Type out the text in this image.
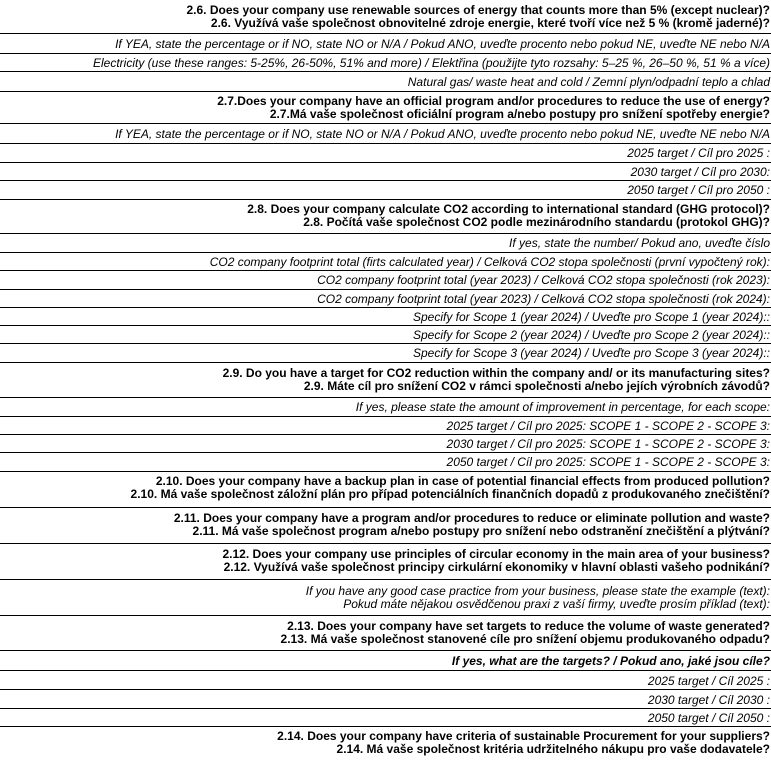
2.6. Does your company use renewable sources of energy that counts more than 5% (except nuclear)?
2.6. Využívá vaše společnost obnovitelné zdroje energie, které tvoří více než 5 % (kromě jaderné)?
If YEA, state the percentage or if NO, state NO or N/A / Pokud ANO, uveďte procento nebo pokud NE, uveďte NE nebo N/A
Electricity (use these ranges: 5-25%, 26-50%, 51% and more) / Elektřina (použijte tyto rozsahy: 5–25 %, 26–50 %, 51 % a více)
Natural gas/ waste heat and cold / Zemní plyn/odpadní teplo a chlad
2.7.Does your company have an official program and/or procedures to reduce the use of energy?
2.7.Má vaše společnost oficiální program a/nebo postupy pro snížení spotřeby energie?
If YEA, state the percentage or if NO, state NO or N/A / Pokud ANO, uveďte procento nebo pokud NE, uveďte NE nebo N/A
2025 target / Cíl pro 2025 :
2030 target / Cíl pro 2030:
2050 target / Cíl pro 2050 :
2.8. Does your company calculate CO2 according to international standard (GHG protocol)?
2.8. Počítá vaše společnost CO2 podle mezinárodního standardu (protokol GHG)?
If yes, state the number/ Pokud ano, uveďte číslo
CO2 company footprint total (firts calculated year) / Celková CO2 stopa společnosti (první vypočtený rok):
CO2 company footprint total (year 2023) / Celková CO2 stopa společnosti (rok 2023):
CO2 company footprint total (year 2023) / Celková CO2 stopa společnosti (rok 2024):
Specify for Scope 1 (year 2024) / Uveďte pro Scope 1 (year 2024)::
Specify for Scope 2 (year 2024) / Uveďte pro Scope 2 (year 2024)::
Specify for Scope 3 (year 2024) / Uveďte pro Scope 3 (year 2024)::
2.9. Do you have a target for CO2 reduction within the company and/ or its manufacturing sites?
2.9. Máte cíl pro snížení CO2 v rámci společnosti a/nebo jejích výrobních závodů?
If yes, please state the amount of improvement in percentage, for each scope:
2025 target / Cíl pro 2025: SCOPE 1 - SCOPE 2 - SCOPE 3:
2030 target / Cíl pro 2025: SCOPE 1 - SCOPE 2 - SCOPE 3:
2050 target / Cíl pro 2025: SCOPE 1 - SCOPE 2 - SCOPE 3:
2.10. Does your company have a backup plan in case of potential financial effects from produced pollution?
2.10. Má vaše společnost záložní plán pro případ potenciálních finančních dopadů z produkovaného znečištění?
2.11. Does your company have a program and/or procedures to reduce or eliminate pollution and waste?
2.11. Má vaše společnost program a/nebo postupy pro snížení nebo odstranění znečištění a plýtvání?
2.12. Does your company use principles of circular economy in the main area of your business?
2.12. Využívá vaše společnost principy cirkulární ekonomiky v hlavní oblasti vašeho podnikání?
If you have any good case practice from your business, please state the example (text):
Pokud máte nějakou osvědčenou praxi z vaší firmy, uveďte prosím příklad (text):
2.13. Does your company have set targets to reduce the volume of waste generated?
2.13. Má vaše společnost stanovené cíle pro snížení objemu produkovaného odpadu?
If yes, what are the targets? / Pokud ano, jaké jsou cíle?
2025 target / Cíl 2025 :
2030 target / Cíl 2030 :
2050 target / Cíl 2050 :
2.14. Does your company have criteria of sustainable Procurement for your suppliers?
2.14. Má vaše společnost kritéria udržitelného nákupu pro vaše dodavatele?
